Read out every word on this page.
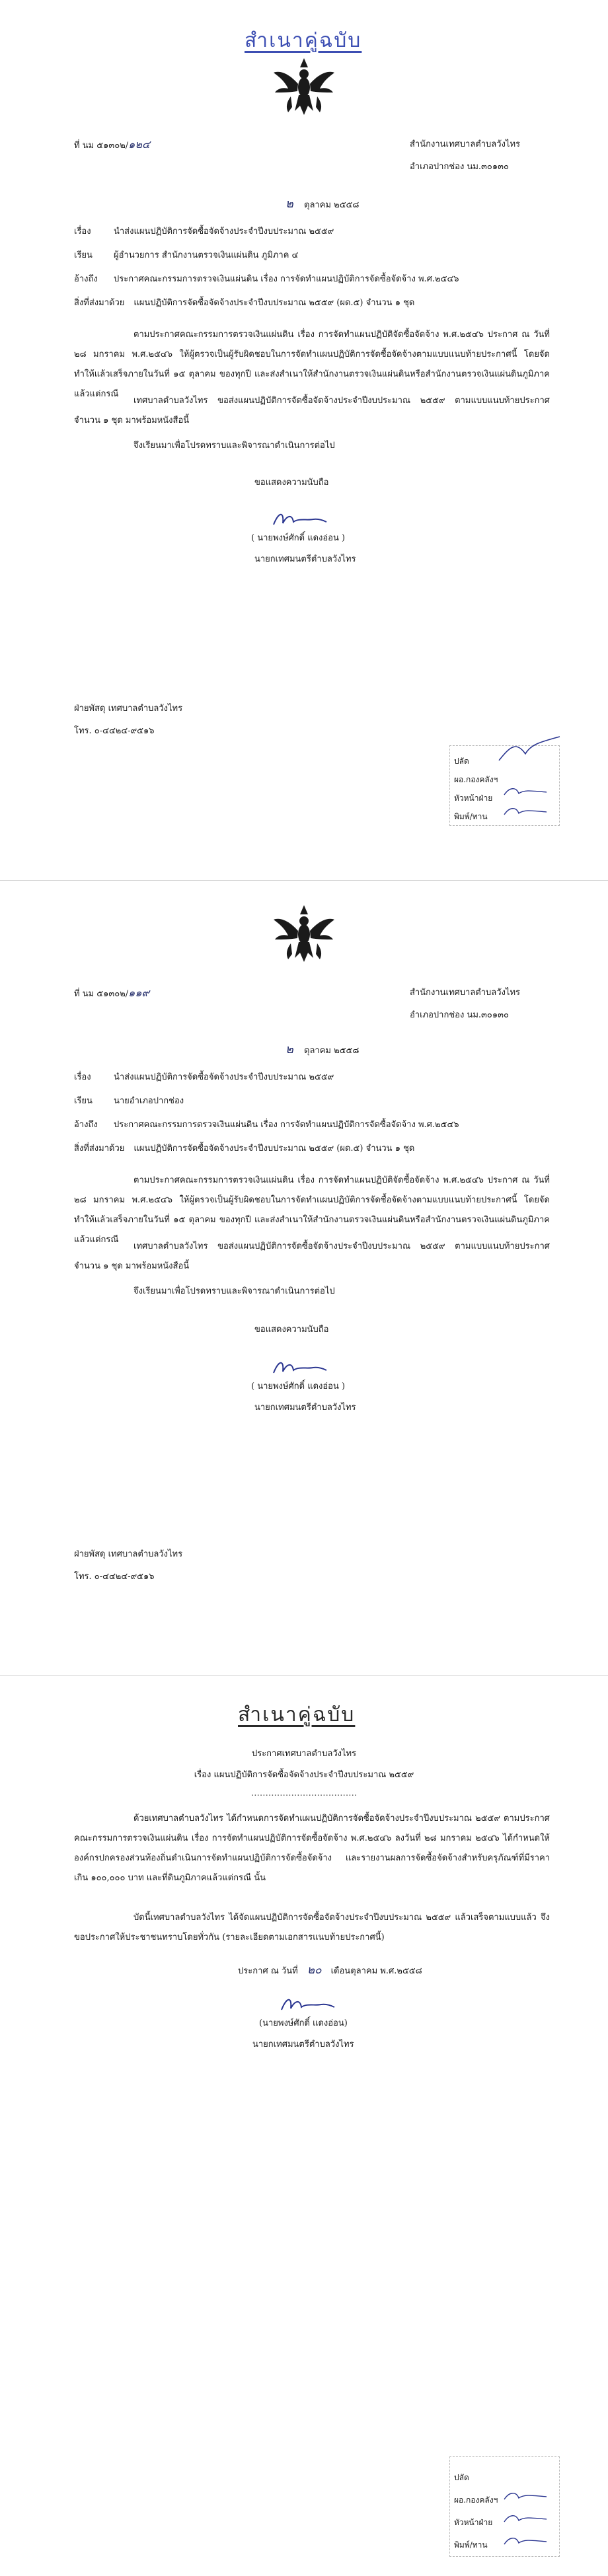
สำเนาคู่ฉบับ
ที่ นม ๕๑๓๐๒/๑๒๔	สำนักงานเทศบาลตำบลวังไทร
อำเภอปากช่อง นม.๓๐๑๓๐
๒ ตุลาคม ๒๕๕๘
เรื่อง	นำส่งแผนปฏิบัติการจัดซื้อจัดจ้างประจำปีงบประมาณ ๒๕๕๙
เรียน ผู้อำนวยการ สำนักงานตรวจเงินแผ่นดิน ภูมิภาค ๔
อ้างถึง ประกาศคณะกรรมการตรวจเงินแผ่นดิน เรื่อง การจัดทำแผนปฏิบัติการจัดซื้อจัดจ้าง พ.ศ.๒๕๔๖
สิ่งที่ส่งมาด้วย แผนปฏิบัติการจัดซื้อจัดจ้างประจำปีงบประมาณ ๒๕๕๙ (ผด.๕) จำนวน ๑ ชุด
ตามประกาศคณะกรรมการตรวจเงินแผ่นดิน เรื่อง การจัดทำแผนปฏิบัติจัดซื้อจัดจ้าง พ.ศ.๒๕๔๖ ประกาศ ณ วันที่ ๒๘ มกราคม พ.ศ.๒๕๔๖ ให้ผู้ตรวจเป็นผู้รับผิดชอบในการจัดทำแผนปฏิบัติการจัดซื้อจัดจ้างตามแบบแนบท้ายประกาศนี้ โดยจัดทำให้แล้วเสร็จภายในวันที่ ๑๕ ตุลาคม ของทุกปี และส่งสำเนาให้สำนักงานตรวจเงินแผ่นดินหรือสำนักงานตรวจเงินแผ่นดินภูมิภาคแล้วแต่กรณี
เทศบาลตำบลวังไทร ขอส่งแผนปฏิบัติการจัดซื้อจัดจ้างประจำปีงบประมาณ ๒๕๕๙ ตามแบบแนบท้ายประกาศ จำนวน ๑ ชุด มาพร้อมหนังสือนี้
จึงเรียนมาเพื่อโปรดทราบและพิจารณาดำเนินการต่อไป
ขอแสดงความนับถือ
( นายพงษ์ศักดิ์ แดงอ่อน )
นายกเทศมนตรีตำบลวังไทร
ฝ่ายพัสดุ เทศบาลตำบลวังไทร
โทร. ๐-๔๔๒๔-๙๕๑๖
ปลัด
ผอ.กองคลังฯ
หัวหน้าฝ่าย
พิมพ์/ทาน
ที่ นม ๕๑๓๐๒/๑๑๙	สำนักงานเทศบาลตำบลวังไทร
อำเภอปากช่อง นม.๓๐๑๓๐
๒ ตุลาคม ๒๕๕๘
เรื่อง	นำส่งแผนปฏิบัติการจัดซื้อจัดจ้างประจำปีงบประมาณ ๒๕๕๙
เรียน นายอำเภอปากช่อง
อ้างถึง ประกาศคณะกรรมการตรวจเงินแผ่นดิน เรื่อง การจัดทำแผนปฏิบัติการจัดซื้อจัดจ้าง พ.ศ.๒๕๔๖
สิ่งที่ส่งมาด้วย แผนปฏิบัติการจัดซื้อจัดจ้างประจำปีงบประมาณ ๒๕๕๙ (ผด.๕) จำนวน ๑ ชุด
ตามประกาศคณะกรรมการตรวจเงินแผ่นดิน เรื่อง การจัดทำแผนปฏิบัติจัดซื้อจัดจ้าง พ.ศ.๒๕๔๖ ประกาศ ณ วันที่ ๒๘ มกราคม พ.ศ.๒๕๔๖ ให้ผู้ตรวจเป็นผู้รับผิดชอบในการจัดทำแผนปฏิบัติการจัดซื้อจัดจ้างตามแบบแนบท้ายประกาศนี้ โดยจัดทำให้แล้วเสร็จภายในวันที่ ๑๕ ตุลาคม ของทุกปี และส่งสำเนาให้สำนักงานตรวจเงินแผ่นดินหรือสำนักงานตรวจเงินแผ่นดินภูมิภาคแล้วแต่กรณี
เทศบาลตำบลวังไทร ขอส่งแผนปฏิบัติการจัดซื้อจัดจ้างประจำปีงบประมาณ ๒๕๕๙ ตามแบบแนบท้ายประกาศ จำนวน ๑ ชุด มาพร้อมหนังสือนี้
จึงเรียนมาเพื่อโปรดทราบและพิจารณาดำเนินการต่อไป
ขอแสดงความนับถือ
( นายพงษ์ศักดิ์ แดงอ่อน )
นายกเทศมนตรีตำบลวังไทร
ฝ่ายพัสดุ เทศบาลตำบลวังไทร
โทร. ๐-๔๔๒๔-๙๕๑๖
สำเนาคู่ฉบับ
ประกาศเทศบาลตำบลวังไทร
เรื่อง แผนปฏิบัติการจัดซื้อจัดจ้างประจำปีงบประมาณ ๒๕๕๙
……………………………….
ด้วยเทศบาลตำบลวังไทร ได้กำหนดการจัดทำแผนปฏิบัติการจัดซื้อจัดจ้างประจำปีงบประมาณ ๒๕๕๙ ตามประกาศคณะกรรมการตรวจเงินแผ่นดิน เรื่อง การจัดทำแผนปฏิบัติการจัดซื้อจัดจ้าง พ.ศ.๒๕๔๖ ลงวันที่ ๒๘ มกราคม ๒๕๔๖ ได้กำหนดให้องค์กรปกครองส่วนท้องถิ่นดำเนินการจัดทำแผนปฏิบัติการจัดซื้อจัดจ้าง และรายงานผลการจัดซื้อจัดจ้างสำหรับครุภัณฑ์ที่มีราคาเกิน ๑๐๐,๐๐๐ บาท และที่ดินภูมิภาคแล้วแต่กรณี นั้น
บัดนี้เทศบาลตำบลวังไทร ได้จัดแผนปฏิบัติการจัดซื้อจัดจ้างประจำปีงบประมาณ ๒๕๕๙ แล้วเสร็จตามแบบแล้ว จึงขอประกาศให้ประชาชนทราบโดยทั่วกัน (รายละเอียดตามเอกสารแนบท้ายประกาศนี้)
ประกาศ ณ วันที่ ๒๐ เดือนตุลาคม พ.ศ.๒๕๕๘
(นายพงษ์ศักดิ์ แดงอ่อน)
นายกเทศมนตรีตำบลวังไทร
ปลัด
ผอ.กองคลังฯ
หัวหน้าฝ่าย
พิมพ์/ทาน
